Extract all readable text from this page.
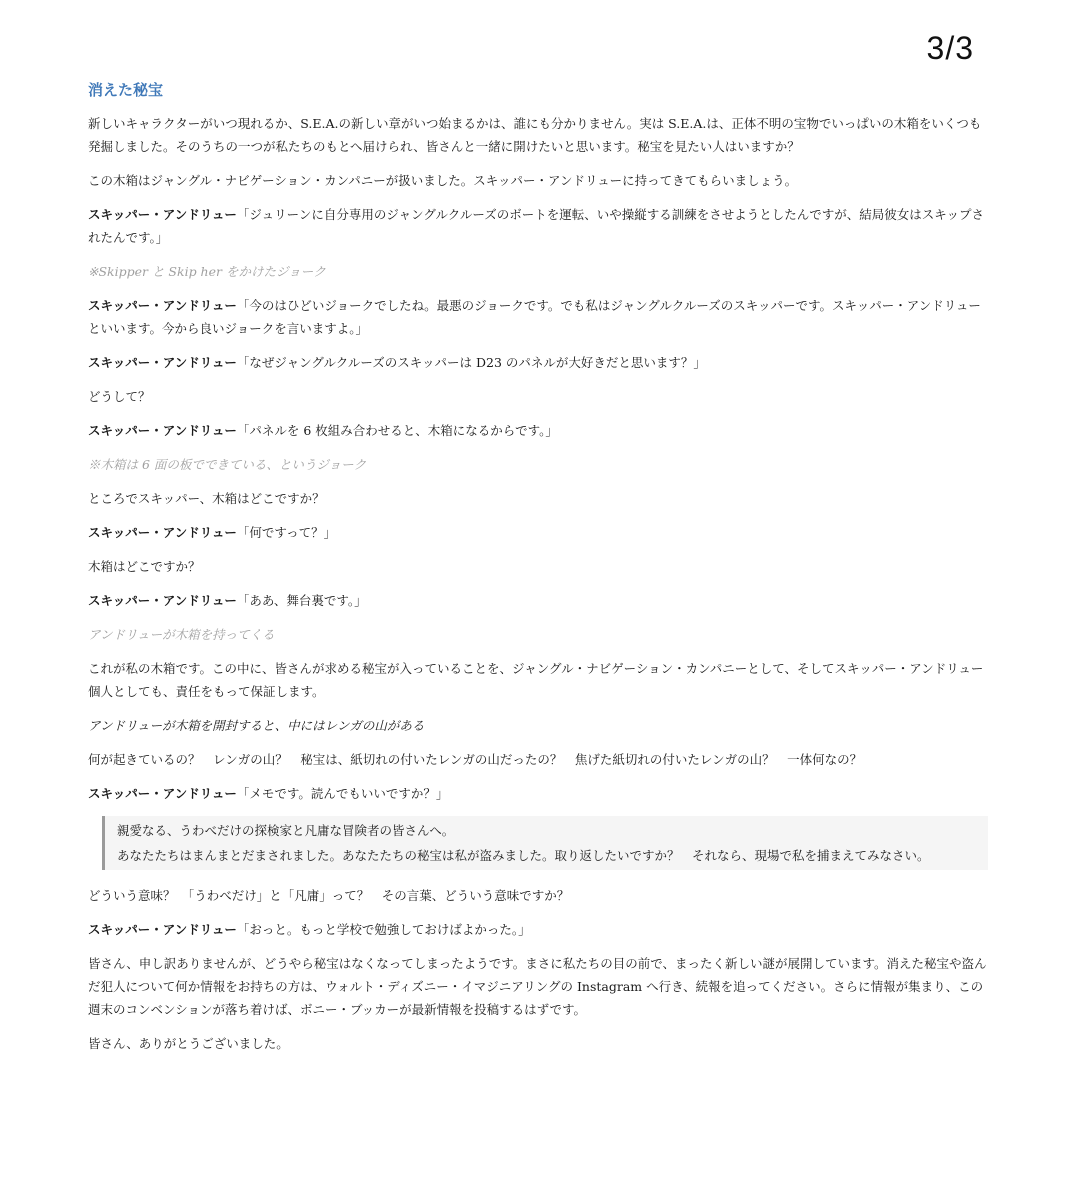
3/3
消えた秘宝

新しいキャラクターがいつ現れるか、S.E.A.の新しい章がいつ始まるかは、誰にも分かりません。実は S.E.A.は、正体不明の宝物でいっぱいの木箱をいくつも発掘しました。そのうちの一つが私たちのもとへ届けられ、皆さんと一緒に開けたいと思います。秘宝を見たい人はいますか？

この木箱はジャングル・ナビゲーション・カンパニーが扱いました。スキッパー・アンドリューに持ってきてもらいましょう。

スキッパー・アンドリュー「ジュリーンに自分専用のジャングルクルーズのボートを運転、いや操縦する訓練をさせようとしたんですが、結局彼女はスキップされたんです。」

※Skipper と Skip her をかけたジョーク

スキッパー・アンドリュー「今のはひどいジョークでしたね。最悪のジョークです。でも私はジャングルクルーズのスキッパーです。スキッパー・アンドリューといいます。今から良いジョークを言いますよ。」

スキッパー・アンドリュー「なぜジャングルクルーズのスキッパーは D23 のパネルが大好きだと思います？」

どうして？

スキッパー・アンドリュー「パネルを 6 枚組み合わせると、木箱になるからです。」

※木箱は 6 面の板でできている、というジョーク

ところでスキッパー、木箱はどこですか？

スキッパー・アンドリュー「何ですって？」

木箱はどこですか？

スキッパー・アンドリュー「ああ、舞台裏です。」

アンドリューが木箱を持ってくる

これが私の木箱です。この中に、皆さんが求める秘宝が入っていることを、ジャングル・ナビゲーション・カンパニーとして、そしてスキッパー・アンドリュー個人としても、責任をもって保証します。

アンドリューが木箱を開封すると、中にはレンガの山がある

何が起きているの？　レンガの山？　秘宝は、紙切れの付いたレンガの山だったの？　焦げた紙切れの付いたレンガの山？　一体何なの？

スキッパー・アンドリュー「メモです。読んでもいいですか？」

親愛なる、うわべだけの探検家と凡庸な冒険者の皆さんへ。

あなたたちはまんまとだまされました。あなたたちの秘宝は私が盗みました。取り返したいですか？　それなら、現場で私を捕まえてみなさい。

どういう意味？　「うわべだけ」と「凡庸」って？　その言葉、どういう意味ですか？

スキッパー・アンドリュー「おっと。もっと学校で勉強しておけばよかった。」

皆さん、申し訳ありませんが、どうやら秘宝はなくなってしまったようです。まさに私たちの目の前で、まったく新しい謎が展開しています。消えた秘宝や盗んだ犯人について何か情報をお持ちの方は、ウォルト・ディズニー・イマジニアリングの Instagram へ行き、続報を追ってください。さらに情報が集まり、この週末のコンベンションが落ち着けば、ボニー・ブッカーが最新情報を投稿するはずです。

皆さん、ありがとうございました。
